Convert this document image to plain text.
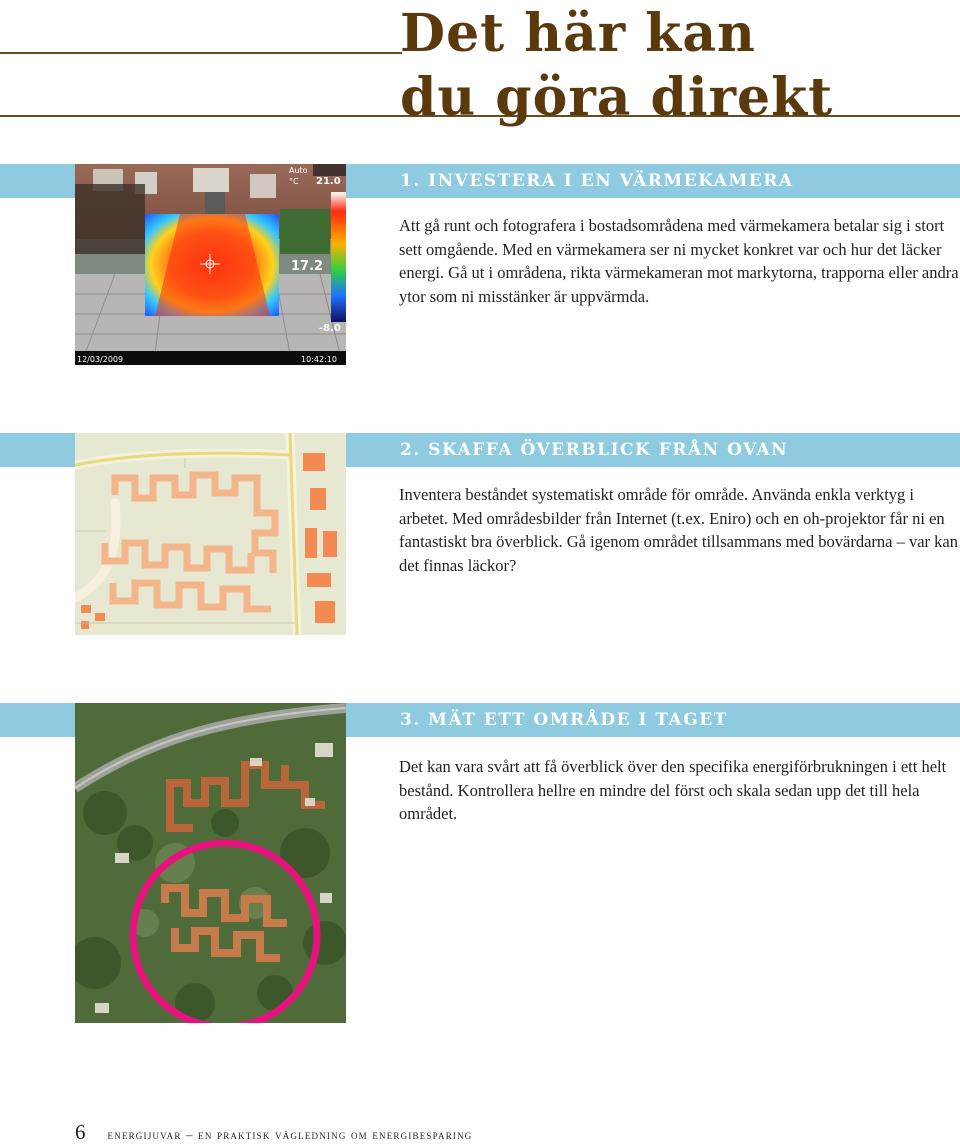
Det här kan
du göra direkt
1. INVESTERA I EN VÄRMEKAMERA

Att gå runt och fotografera i bostadsområdena med värmekamera betalar sig i stort sett omgående. Med en värmekamera ser ni mycket konkret var och hur det läcker energi. Gå ut i områdena, rikta värmekameran mot markytorna, trapporna eller andra ytor som ni misstänker är uppvärmda.

Auto
°C 21.0
17.2
-8.0
12/03/2009	10:42:10
2. SKAFFA ÖVERBLICK FRÅN OVAN

Inventera beståndet systematiskt område för område. Använda enkla verktyg i arbetet. Med områdesbilder från Internet (t.ex. Eniro) och en oh-projektor får ni en fantastiskt bra överblick. Gå igenom området tillsammans med bovärdarna – var kan det finnas läckor?

3. MÄT ETT OMRÅDE I TAGET

Det kan vara svårt att få överblick över den specifika energiförbrukningen i ett helt bestånd. Kontrollera hellre en mindre del först och skala sedan upp det till hela området.

6 energijuvar – en praktisk vägledning om energibesparing
